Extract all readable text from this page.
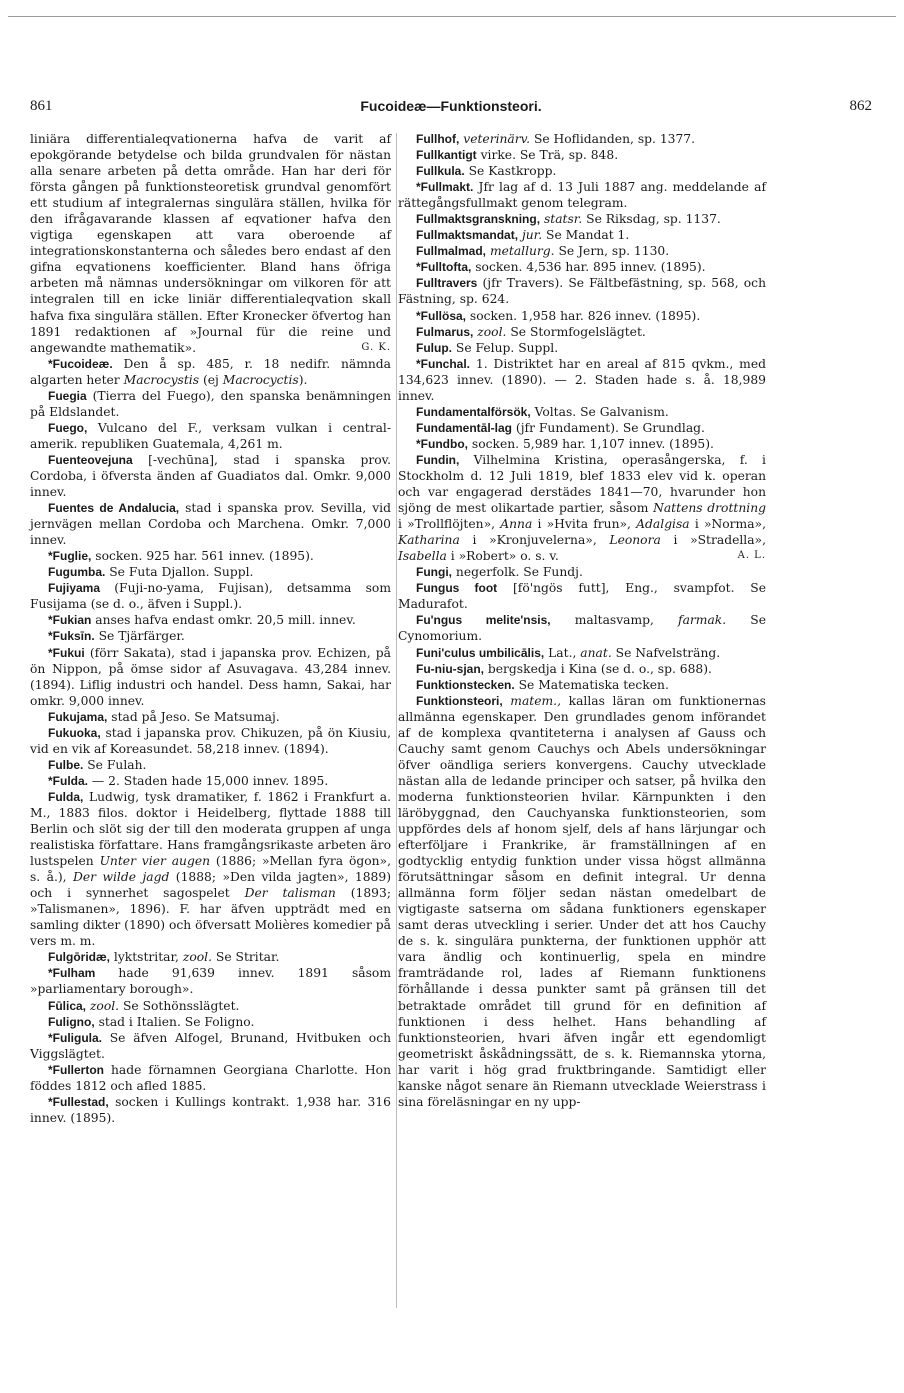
861	Fucoideæ—Funktionsteori.	862

liniära differentialeqvationerna hafva de varit af epokgörande betydelse och bilda grundvalen för nästan alla senare arbeten på detta område. Han har deri för första gången på funktionsteoretisk grundval genomfört ett studium af integralernas singulära ställen, hvilka för den ifrågavarande klassen af eqvationer hafva den vigtiga egenskapen att vara oberoende af integrationskonstanterna och således bero endast af den gifna eqvationens koefficienter. Bland hans öfriga arbeten må nämnas undersökningar om vilkoren för att integralen till en icke liniär differentialeqvation skall hafva fixa singulära ställen. Efter Kronecker öfvertog han 1891 redaktionen af »Journal für die reine und angewandte mathematik».	G. K.

*Fucoideæ. Den å sp. 485, r. 18 nedifr. nämnda algarten heter Macrocystis (ej Macrocyctis).

Fuegia (Tierra del Fuego), den spanska benämningen på Eldslandet.

Fuego, Vulcano del F., verksam vulkan i central-amerik. republiken Guatemala, 4,261 m.

Fuenteovejuna [-vechūna], stad i spanska prov. Cordoba, i öfversta änden af Guadiatos dal. Omkr. 9,000 innev.

Fuentes de Andalucia, stad i spanska prov. Sevilla, vid jernvägen mellan Cordoba och Marchena. Omkr. 7,000 innev.

*Fuglie, socken. 925 har. 561 innev. (1895).

Fugumba. Se Futa Djallon. Suppl.

Fujiyama (Fuji-no-yama, Fujisan), detsamma som Fusijama (se d. o., äfven i Suppl.).

*Fukian anses hafva endast omkr. 20,5 mill. innev.

*Fuksīn. Se Tjärfärger.

*Fukui (förr Sakata), stad i japanska prov. Echizen, på ön Nippon, på ömse sidor af Asuvagava. 43,284 innev. (1894). Liflig industri och handel. Dess hamn, Sakai, har omkr. 9,000 innev.

Fukujama, stad på Jeso. Se Matsumaj.

Fukuoka, stad i japanska prov. Chikuzen, på ön Kiusiu, vid en vik af Koreasundet. 58,218 innev. (1894).

Fulbe. Se Fulah.

*Fulda. — 2. Staden hade 15,000 innev. 1895.

Fulda, Ludwig, tysk dramatiker, f. 1862 i Frankfurt a. M., 1883 filos. doktor i Heidelberg, flyttade 1888 till Berlin och slöt sig der till den moderata gruppen af unga realistiska författare. Hans framgångsrikaste arbeten äro lustspelen Unter vier augen (1886; »Mellan fyra ögon», s. å.), Der wilde jagd (1888; »Den vilda jagten», 1889) och i synnerhet sagospelet Der talisman (1893; »Talismanen», 1896). F. har äfven uppträdt med en samling dikter (1890) och öfversatt Molières komedier på vers m. m.

Fulgōridæ, lyktstritar, zool. Se Stritar.

*Fulham hade 91,639 innev. 1891 såsom »parliamentary borough».

Fūlica, zool. Se Sothönsslägtet.

Fuligno, stad i Italien. Se Foligno.

*Fuligula. Se äfven Alfogel, Brunand, Hvitbuken och Viggslägtet.

*Fullerton hade förnamnen Georgiana Charlotte. Hon föddes 1812 och afled 1885.

*Fullestad, socken i Kullings kontrakt. 1,938 har. 316 innev. (1895).

Fullhof, veterinärv. Se Hoflidanden, sp. 1377.

Fullkantigt virke. Se Trä, sp. 848.

Fullkula. Se Kastkropp.

*Fullmakt. Jfr lag af d. 13 Juli 1887 ang. meddelande af rättegångsfullmakt genom telegram.

Fullmaktsgranskning, statsr. Se Riksdag, sp. 1137.

Fullmaktsmandat, jur. Se Mandat 1.

Fullmalmad, metallurg. Se Jern, sp. 1130.

*Fulltofta, socken. 4,536 har. 895 innev. (1895).

Fulltravers (jfr Travers). Se Fältbefästning, sp. 568, och Fästning, sp. 624.

*Fullösa, socken. 1,958 har. 826 innev. (1895).

Fulmarus, zool. Se Stormfogelslägtet.

Fulup. Se Felup. Suppl.

*Funchal. 1. Distriktet har en areal af 815 qvkm., med 134,623 innev. (1890). — 2. Staden hade s. å. 18,989 innev.

Fundamentalförsök, Voltas. Se Galvanism.

Fundamentāl-lag (jfr Fundament). Se Grundlag.

*Fundbo, socken. 5,989 har. 1,107 innev. (1895).

Fundin, Vilhelmina Kristina, operasångerska, f. i Stockholm d. 12 Juli 1819, blef 1833 elev vid k. operan och var engagerad derstädes 1841—70, hvarunder hon sjöng de mest olikartade partier, såsom Nattens drottning i »Trollflöjten», Anna i »Hvita frun», Adalgisa i »Norma», Katharina i »Kronjuvelerna», Leonora i »Stradella», Isabella i »Robert» o. s. v.	A. L.

Fungi, negerfolk. Se Fundj.

Fungus foot [fö'ngös futt], Eng., svampfot. Se Madurafot.

Fu'ngus melite'nsis, maltasvamp, farmak. Se Cynomorium.

Funi'culus umbilicālis, Lat., anat. Se Nafvelsträng.

Fu-niu-sjan, bergskedja i Kina (se d. o., sp. 688).

Funktionstecken. Se Matematiska tecken.

Funktionsteori, matem., kallas läran om funktionernas allmänna egenskaper. Den grundlades genom införandet af de komplexa qvantiteterna i analysen af Gauss och Cauchy samt genom Cauchys och Abels undersökningar öfver oändliga seriers konvergens. Cauchy utvecklade nästan alla de ledande principer och satser, på hvilka den moderna funktionsteorien hvilar. Kärnpunkten i den läröbyggnad, den Cauchyanska funktionsteorien, som uppfördes dels af honom sjelf, dels af hans lärjungar och efterföljare i Frankrike, är framställningen af en godtycklig entydig funktion under vissa högst allmänna förutsättningar såsom en definit integral. Ur denna allmänna form följer sedan nästan omedelbart de vigtigaste satserna om sådana funktioners egenskaper samt deras utveckling i serier. Under det att hos Cauchy de s. k. singulära punkterna, der funktionen upphör att vara ändlig och kontinuerlig, spela en mindre framträdande rol, lades af Riemann funktionens förhållande i dessa punkter samt på gränsen till det betraktade området till grund för en definition af funktionen i dess helhet. Hans behandling af funktionsteorien, hvari äfven ingår ett egendomligt geometriskt åskådningssätt, de s. k. Riemannska ytorna, har varit i hög grad fruktbringande. Samtidigt eller kanske något senare än Riemann utvecklade Weierstrass i sina föreläsningar en ny upp-
